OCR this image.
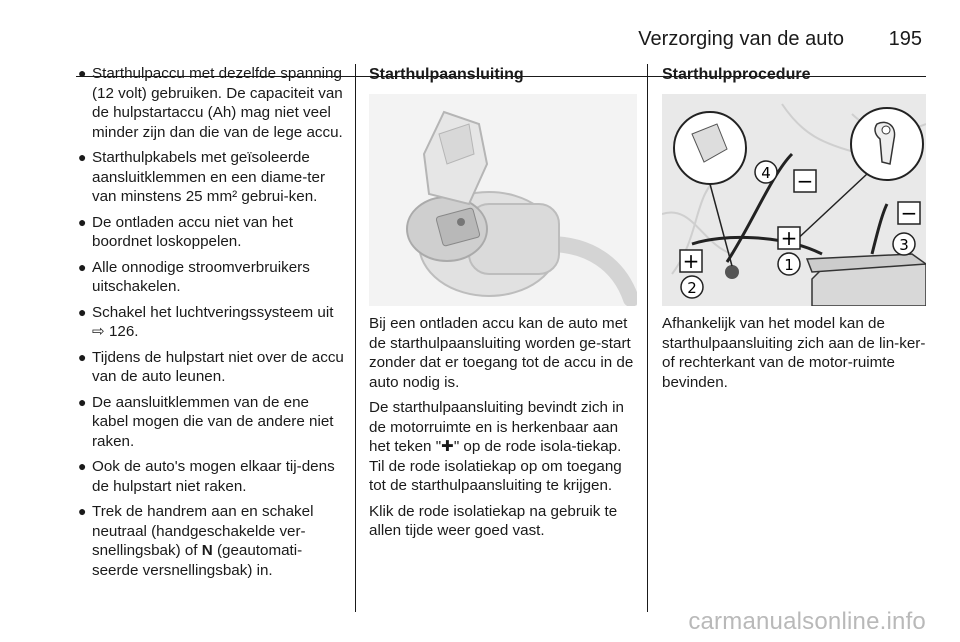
Verzorging van de auto 195
● Starthulpaccu met dezelfde spanning (12 volt) gebruiken. De capaciteit van de hulpstartaccu (Ah) mag niet veel minder zijn dan die van de lege accu.
● Starthulpkabels met geïsoleerde aansluitklemmen en een diame-ter van minstens 25 mm² gebrui-ken.
● De ontladen accu niet van het boordnet loskoppelen.
● Alle onnodige stroomverbruikers uitschakelen.
● Schakel het luchtveringssysteem uit ⇨ 126.
● Tijdens de hulpstart niet over de accu van de auto leunen.
● De aansluitklemmen van de ene kabel mogen die van de andere niet raken.
● Ook de auto's mogen elkaar tij-dens de hulpstart niet raken.
● Trek de handrem aan en schakel neutraal (handgeschakelde ver-snellingsbak) of N (geautomati-seerde versnellingsbak) in.
Starthulpaansluiting

Bij een ontladen accu kan de auto met de starthulpaansluiting worden ge-start zonder dat er toegang tot de accu in de auto nodig is.

De starthulpaansluiting bevindt zich in de motorruimte en is herkenbaar aan het teken "✚" op de rode isola-tiekap. Til de rode isolatiekap op om toegang tot de starthulpaansluiting te krijgen.

Klik de rode isolatiekap na gebruik te allen tijde weer goed vast.

Starthulpprocedure
−
−
+
+
4
1
2
3

Afhankelijk van het model kan de starthulpaansluiting zich aan de lin-ker- of rechterkant van de motor-ruimte bevinden.

carmanualsonline.info
